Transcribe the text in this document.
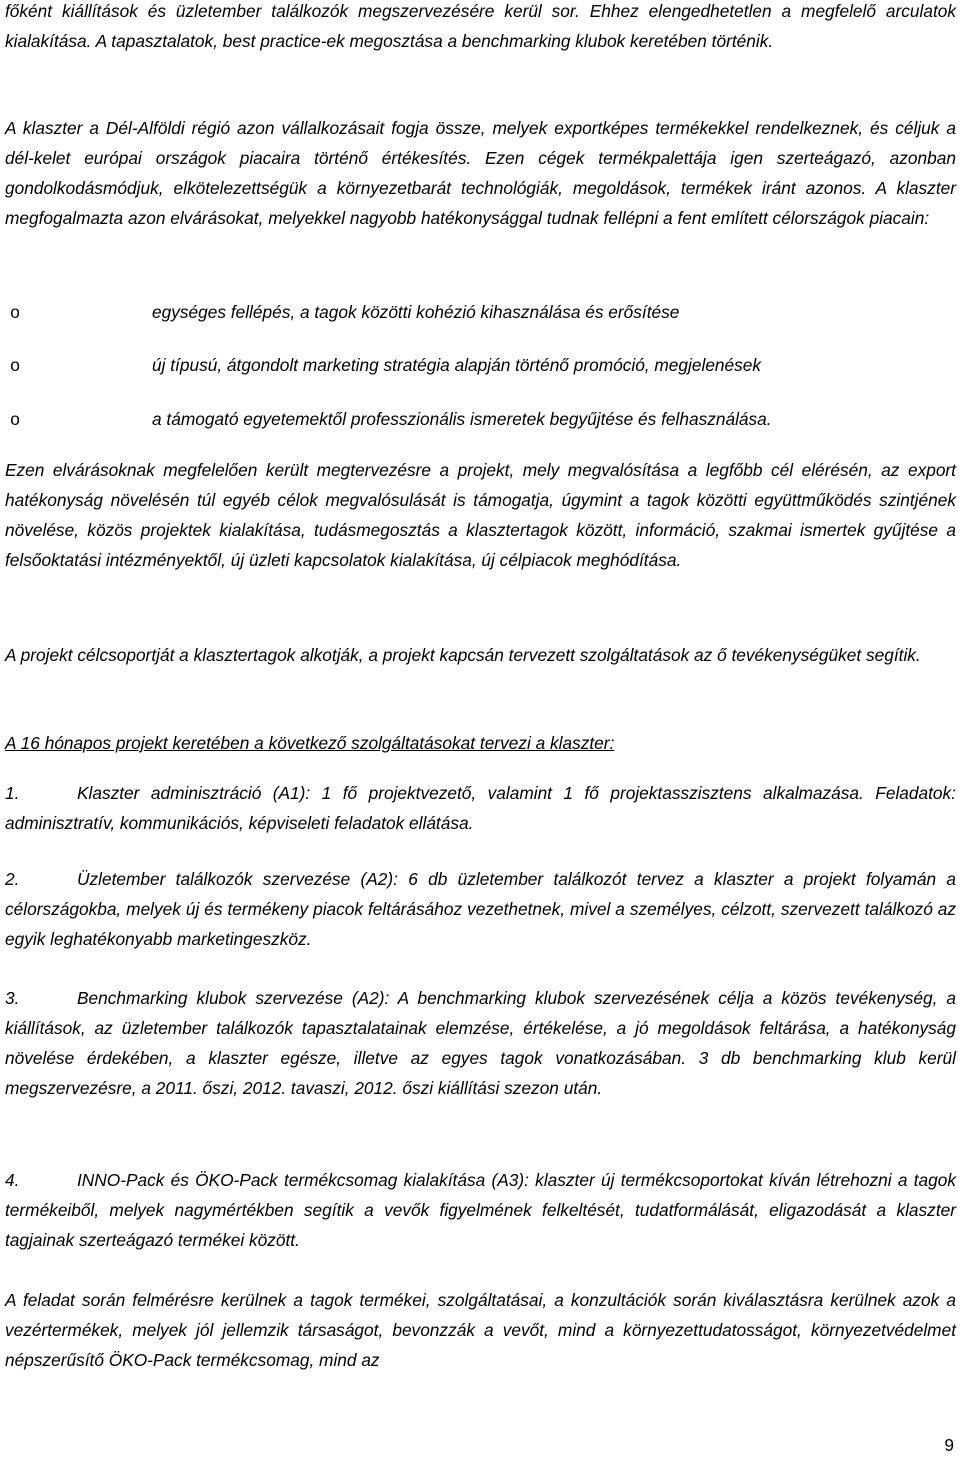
főként kiállítások és üzletember találkozók megszervezésére kerül sor. Ehhez elengedhetetlen a megfelelő arculatok kialakítása. A tapasztalatok, best practice-ek megosztása a benchmarking klubok keretében történik.

A klaszter a Dél-Alföldi régió azon vállalkozásait fogja össze, melyek exportképes termékekkel rendelkeznek, és céljuk a dél-kelet európai országok piacaira történő értékesítés. Ezen cégek termékpalettája igen szerteágazó, azonban gondolkodásmódjuk, elkötelezettségük a környezetbarát technológiák, megoldások, termékek iránt azonos. A klaszter megfogalmazta azon elvárásokat, melyekkel nagyobb hatékonysággal tudnak fellépni a fent említett célországok piacain:

o	egységes fellépés, a tagok közötti kohézió kihasználása és erősítése
o	új típusú, átgondolt marketing stratégia alapján történő promóció, megjelenések
o	a támogató egyetemektől professzionális ismeretek begyűjtése és felhasználása.

Ezen elvárásoknak megfelelően került megtervezésre a projekt, mely megvalósítása a legfőbb cél elérésén, az export hatékonyság növelésén túl egyéb célok megvalósulását is támogatja, úgymint a tagok közötti együttműködés szintjének növelése, közös projektek kialakítása, tudásmegosztás a klasztertagok között, információ, szakmai ismertek gyűjtése a felsőoktatási intézményektől, új üzleti kapcsolatok kialakítása, új célpiacok meghódítása.

A projekt célcsoportját a klasztertagok alkotják, a projekt kapcsán tervezett szolgáltatások az ő tevékenységüket segítik.

A 16 hónapos projekt keretében a következő szolgáltatásokat tervezi a klaszter:

1.	Klaszter adminisztráció (A1): 1 fő projektvezető, valamint 1 fő projektasszisztens alkalmazása. Feladatok: adminisztratív, kommunikációs, képviseleti feladatok ellátása.

2.	Üzletember találkozók szervezése (A2): 6 db üzletember találkozót tervez a klaszter a projekt folyamán a célországokba, melyek új és termékeny piacok feltárásához vezethetnek, mivel a személyes, célzott, szervezett találkozó az egyik leghatékonyabb marketingeszköz.

3.	Benchmarking klubok szervezése (A2): A benchmarking klubok szervezésének célja a közös tevékenység, a kiállítások, az üzletember találkozók tapasztalatainak elemzése, értékelése, a jó megoldások feltárása, a hatékonyság növelése érdekében, a klaszter egésze, illetve az egyes tagok vonatkozásában. 3 db benchmarking klub kerül megszervezésre, a 2011. őszi, 2012. tavaszi, 2012. őszi kiállítási szezon után.

4.	INNO-Pack és ÖKO-Pack termékcsomag kialakítása (A3): klaszter új termékcsoportokat kíván létrehozni a tagok termékeiből, melyek nagymértékben segítik a vevők figyelmének felkeltését, tudatformálását, eligazodását a klaszter tagjainak szerteágazó termékei között.

A feladat során felmérésre kerülnek a tagok termékei, szolgáltatásai, a konzultációk során kiválasztásra kerülnek azok a vezértermékek, melyek jól jellemzik társaságot, bevonzzák a vevőt, mind a környezettudatosságot, környezetvédelmet népszerűsítő ÖKO-Pack termékcsomag, mind az

9
